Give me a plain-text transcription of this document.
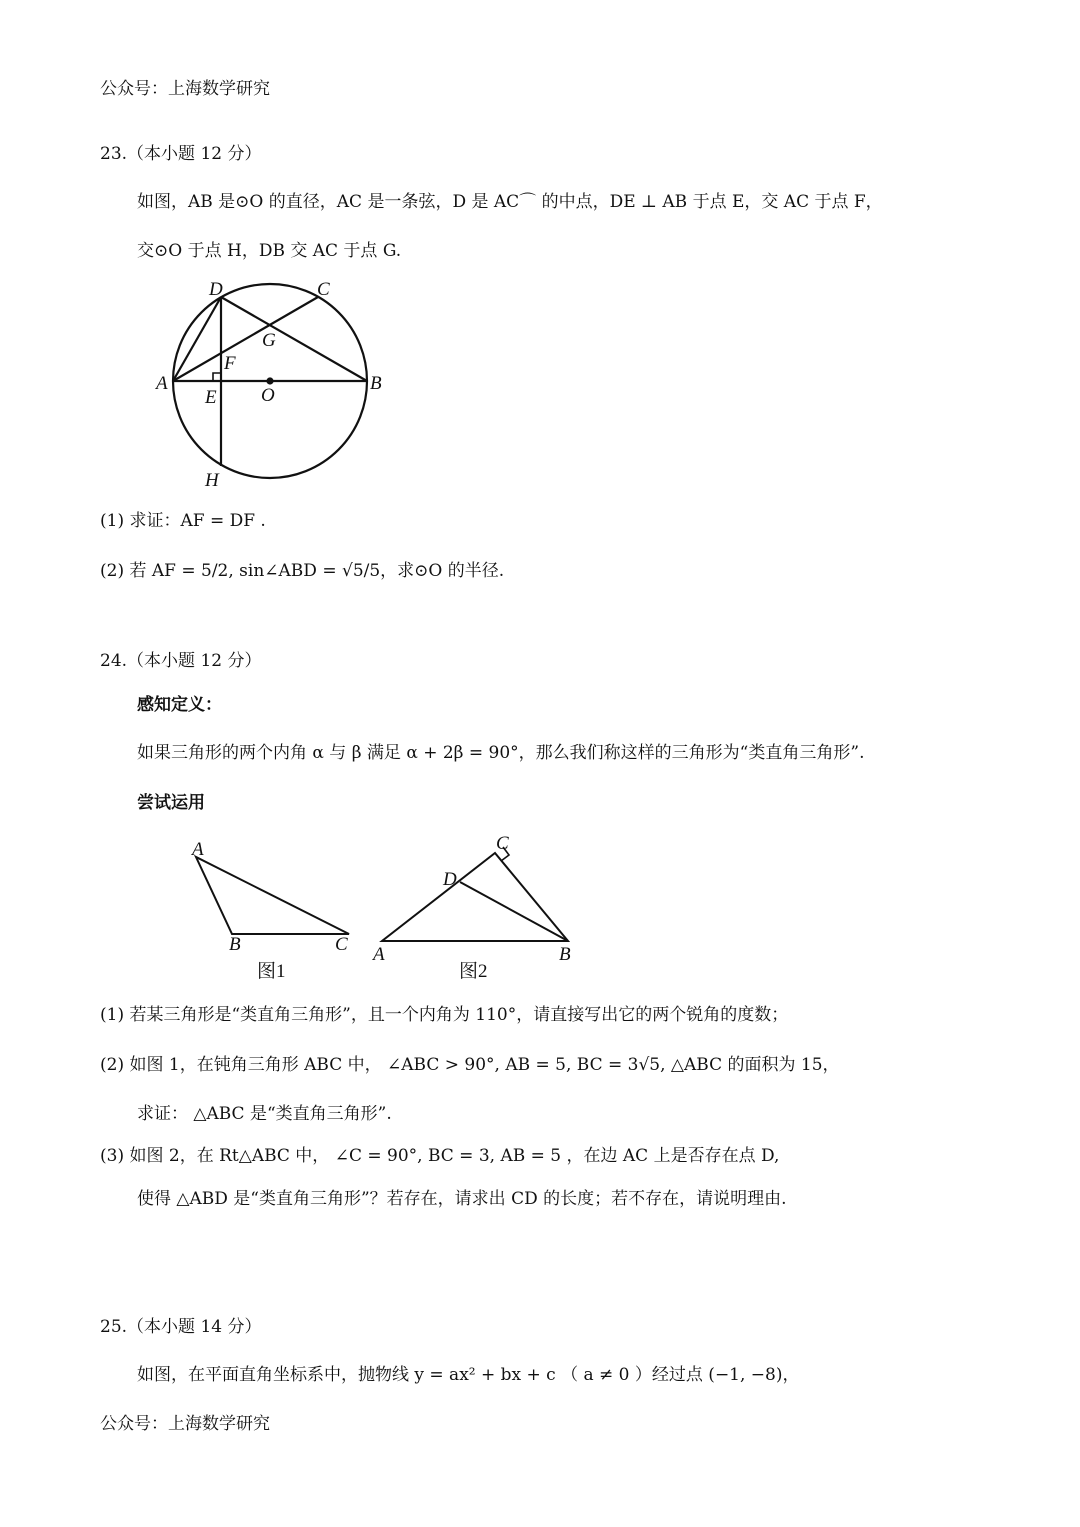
公众号：上海数学研究
23.（本小题 12 分）
如图，AB 是⊙O 的直径，AC 是一条弦，D 是 AC⌒ 的中点，DE ⊥ AB 于点 E，交 AC 于点 F，
交⊙O 于点 H，DB 交 AC 于点 G.
D	C
G
F
A
E O
B
H
(1) 求证：AF = DF .
(2) 若 AF = 5/2, sin∠ABD = √5/5，求⊙O 的半径.
24.（本小题 12 分）
感知定义：
如果三角形的两个内角 α 与 β 满足 α + 2β = 90°，那么我们称这样的三角形为“类直角三角形”.
尝试运用
A
B	C
图1
C
D
A	B
图2
(1) 若某三角形是“类直角三角形”，且一个内角为 110°，请直接写出它的两个锐角的度数；
(2) 如图 1，在钝角三角形 ABC 中， ∠ABC > 90°, AB = 5, BC = 3√5, △ABC 的面积为 15，
求证： △ABC 是“类直角三角形”.
(3) 如图 2，在 Rt△ABC 中， ∠C = 90°, BC = 3, AB = 5 ，在边 AC 上是否存在点 D,
使得 △ABD 是“类直角三角形”？若存在，请求出 CD 的长度；若不存在，请说明理由.
25.（本小题 14 分）
如图，在平面直角坐标系中，抛物线 y = ax² + bx + c （ a ≠ 0 ）经过点 (−1, −8)，
公众号：上海数学研究
